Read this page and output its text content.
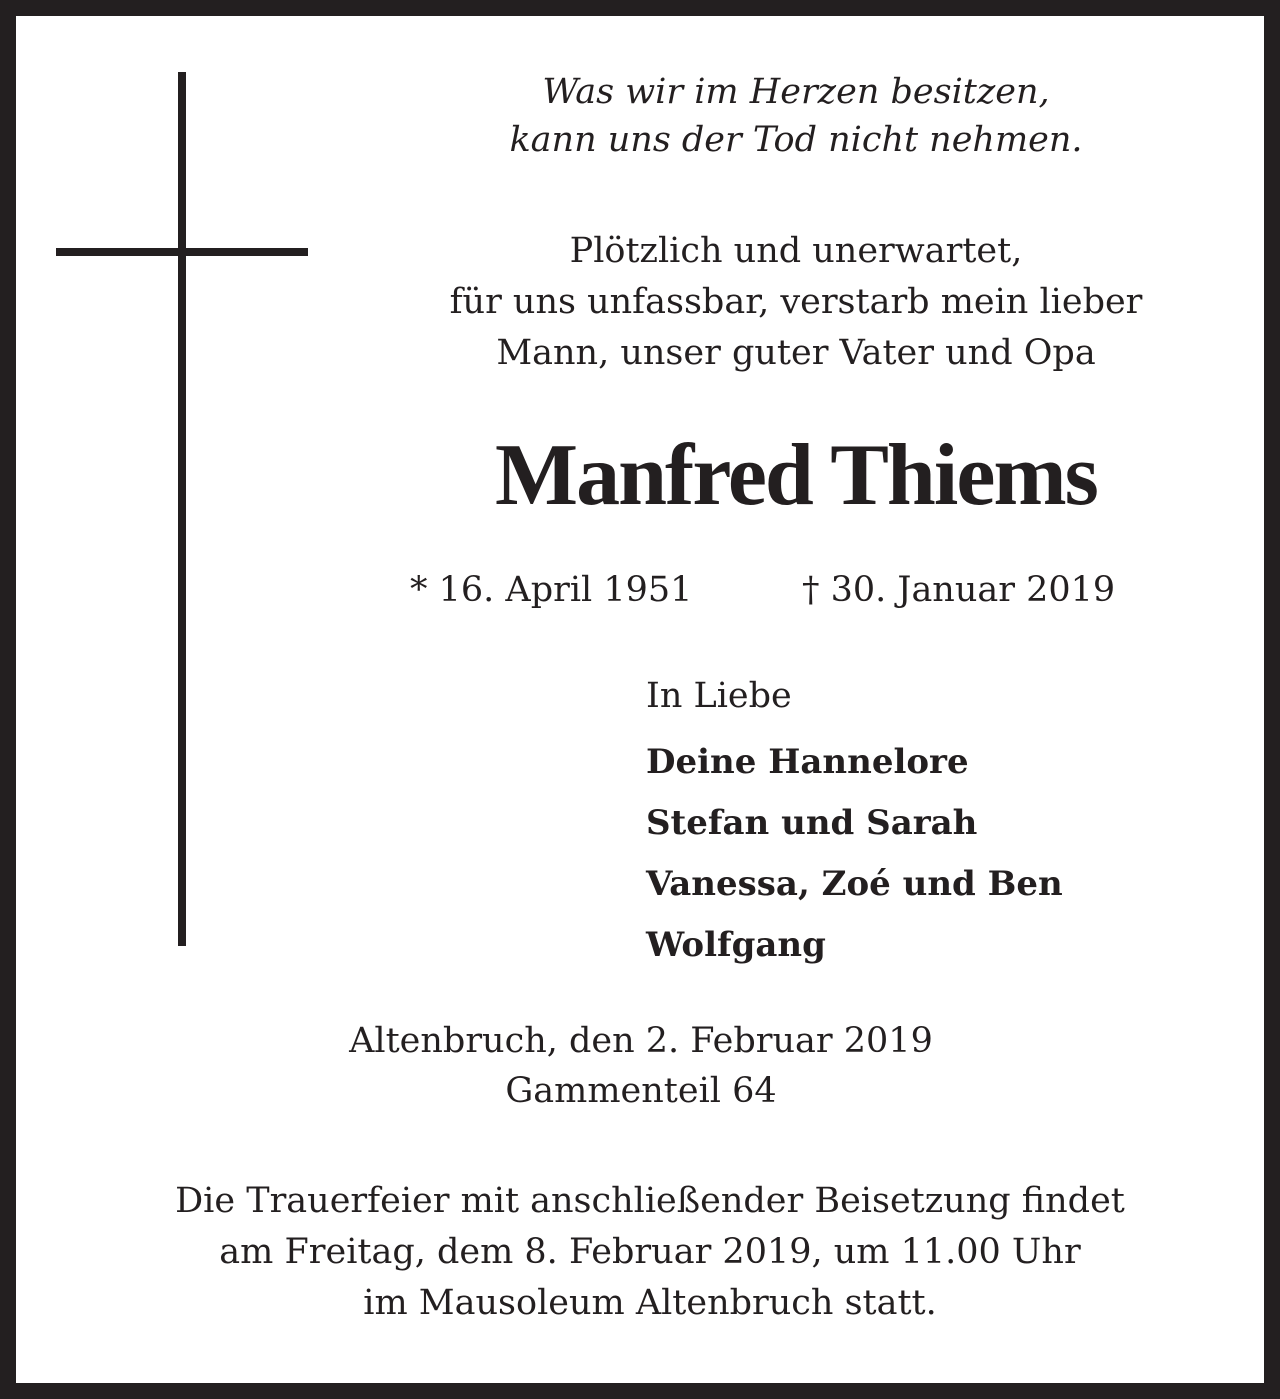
Was wir im Herzen besitzen,
kann uns der Tod nicht nehmen.
Plötzlich und unerwartet,
für uns unfassbar, verstarb mein lieber
Mann, unser guter Vater und Opa
Manfred Thiems
* 16. April 1951	† 30. Januar 2019
In Liebe
Deine Hannelore
Stefan und Sarah
Vanessa, Zoé und Ben
Wolfgang
Altenbruch, den 2. Februar 2019
Gammenteil 64
Die Trauerfeier mit anschließender Beisetzung findet
am Freitag, dem 8. Februar 2019, um 11.00 Uhr
im Mausoleum Altenbruch statt.
